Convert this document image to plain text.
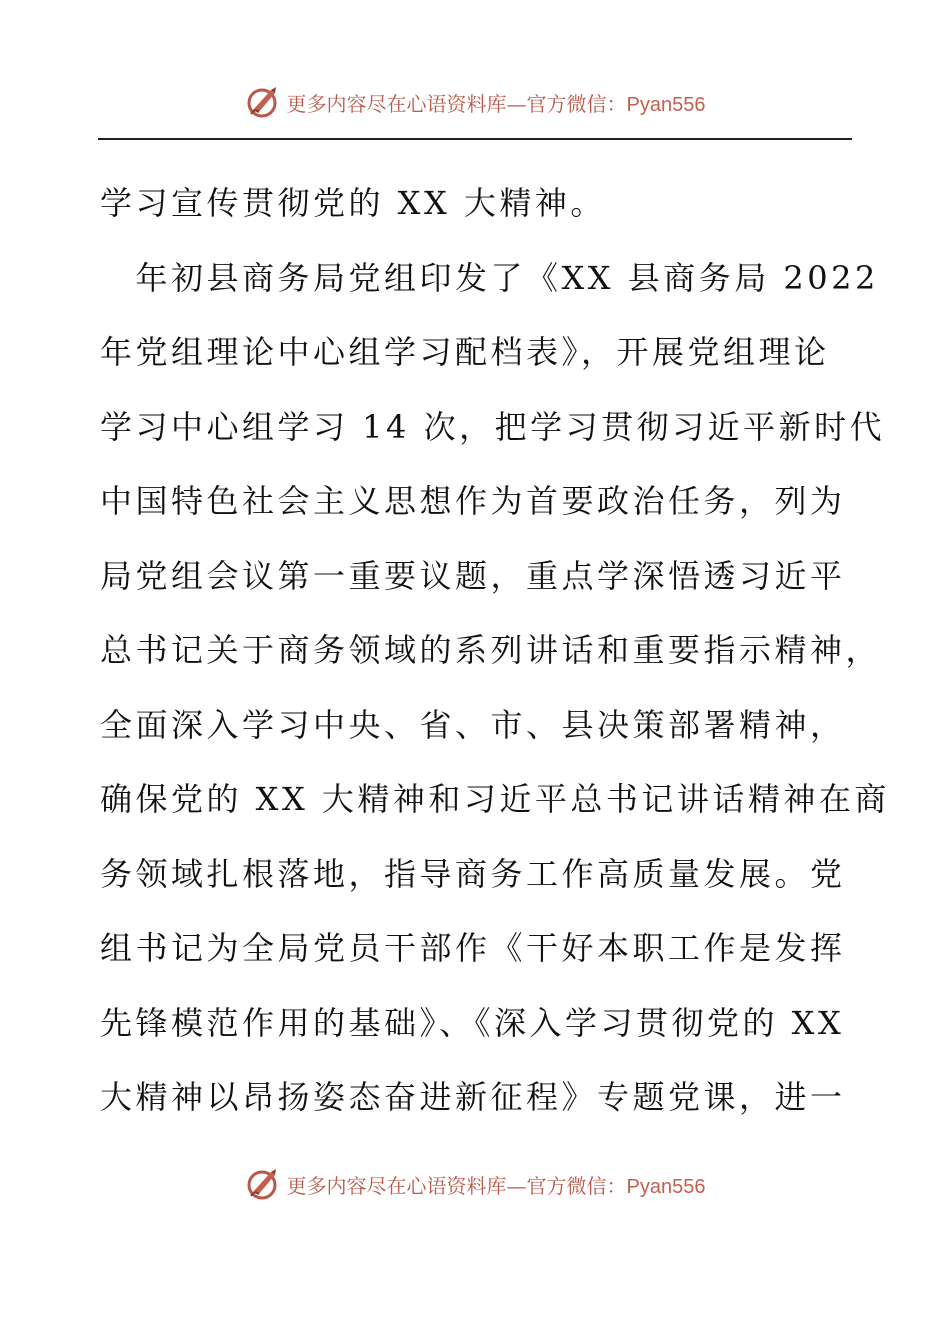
更多内容尽在心语资料库—官方微信：Pyan556
学习宣传贯彻党的 XX 大精神。
　年初县商务局党组印发了《XX 县商务局 2022
年党组理论中心组学习配档表》，开展党组理论
学习中心组学习 14 次，把学习贯彻习近平新时代
中国特色社会主义思想作为首要政治任务，列为
局党组会议第一重要议题，重点学深悟透习近平
总书记关于商务领域的系列讲话和重要指示精神，
全面深入学习中央、省、市、县决策部署精神，
确保党的 XX 大精神和习近平总书记讲话精神在商
务领域扎根落地，指导商务工作高质量发展。党
组书记为全局党员干部作《干好本职工作是发挥
先锋模范作用的基础》、《深入学习贯彻党的 XX
大精神以昂扬姿态奋进新征程》专题党课，进一
更多内容尽在心语资料库—官方微信：Pyan556
